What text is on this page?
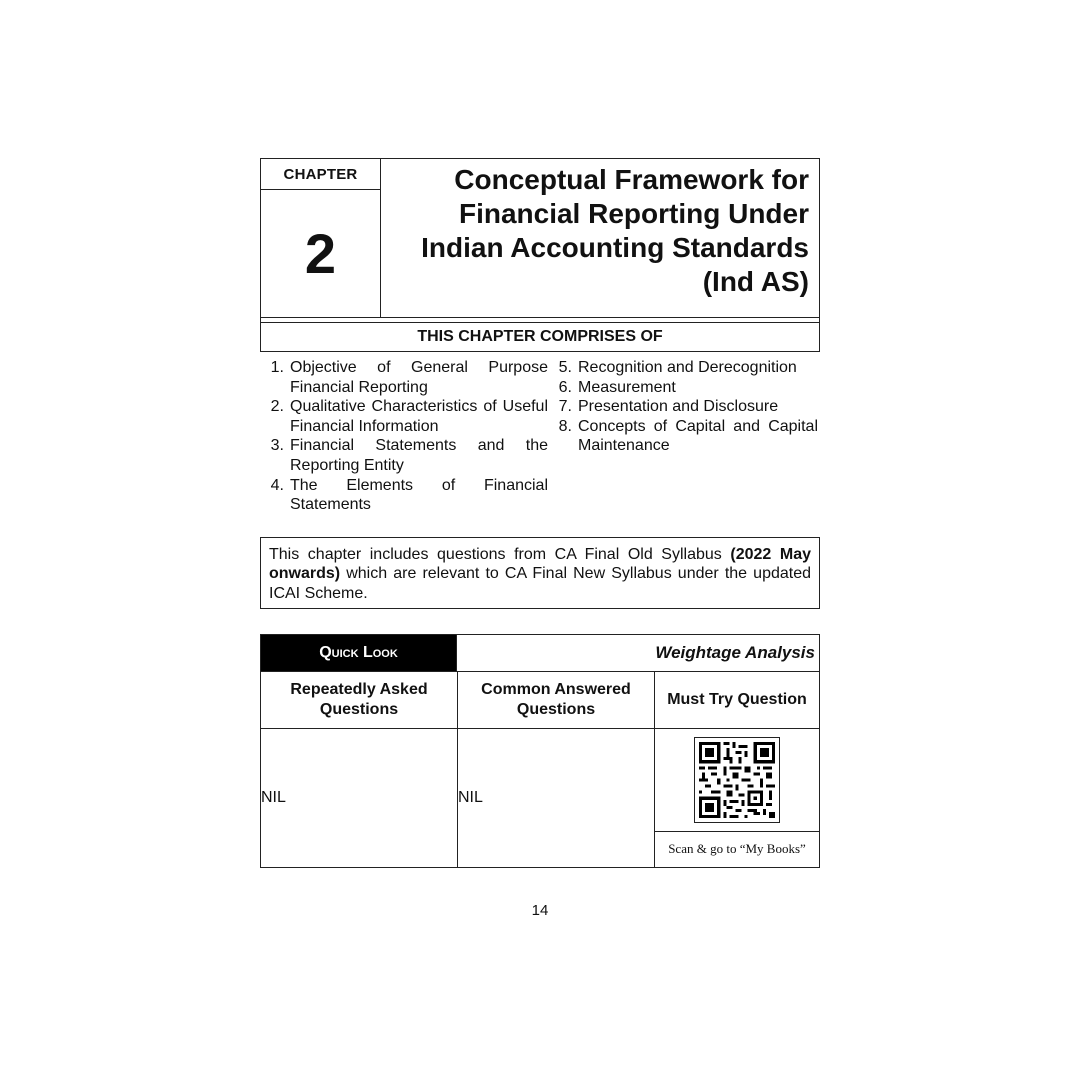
CHAPTER
2
Conceptual Framework for
Financial Reporting Under
Indian Accounting Standards
(Ind AS)
THIS CHAPTER COMPRISES OF
1. Objective of General Purpose Financial Reporting
2. Qualitative Characteristics of Useful Financial Information
3. Financial Statements and the Reporting Entity
4. The Elements of Financial Statements
5. Recognition and Derecognition
6. Measurement
7. Presentation and Disclosure
8. Concepts of Capital and Capital Maintenance
This chapter includes questions from CA Final Old Syllabus (2022 May onwards) which are relevant to CA Final New Syllabus under the updated ICAI Scheme.
Quick Look	Weightage Analysis
Repeatedly Asked Questions
Common Answered Questions
Must Try Question
NIL	NIL
Scan & go to “My Books”
14
